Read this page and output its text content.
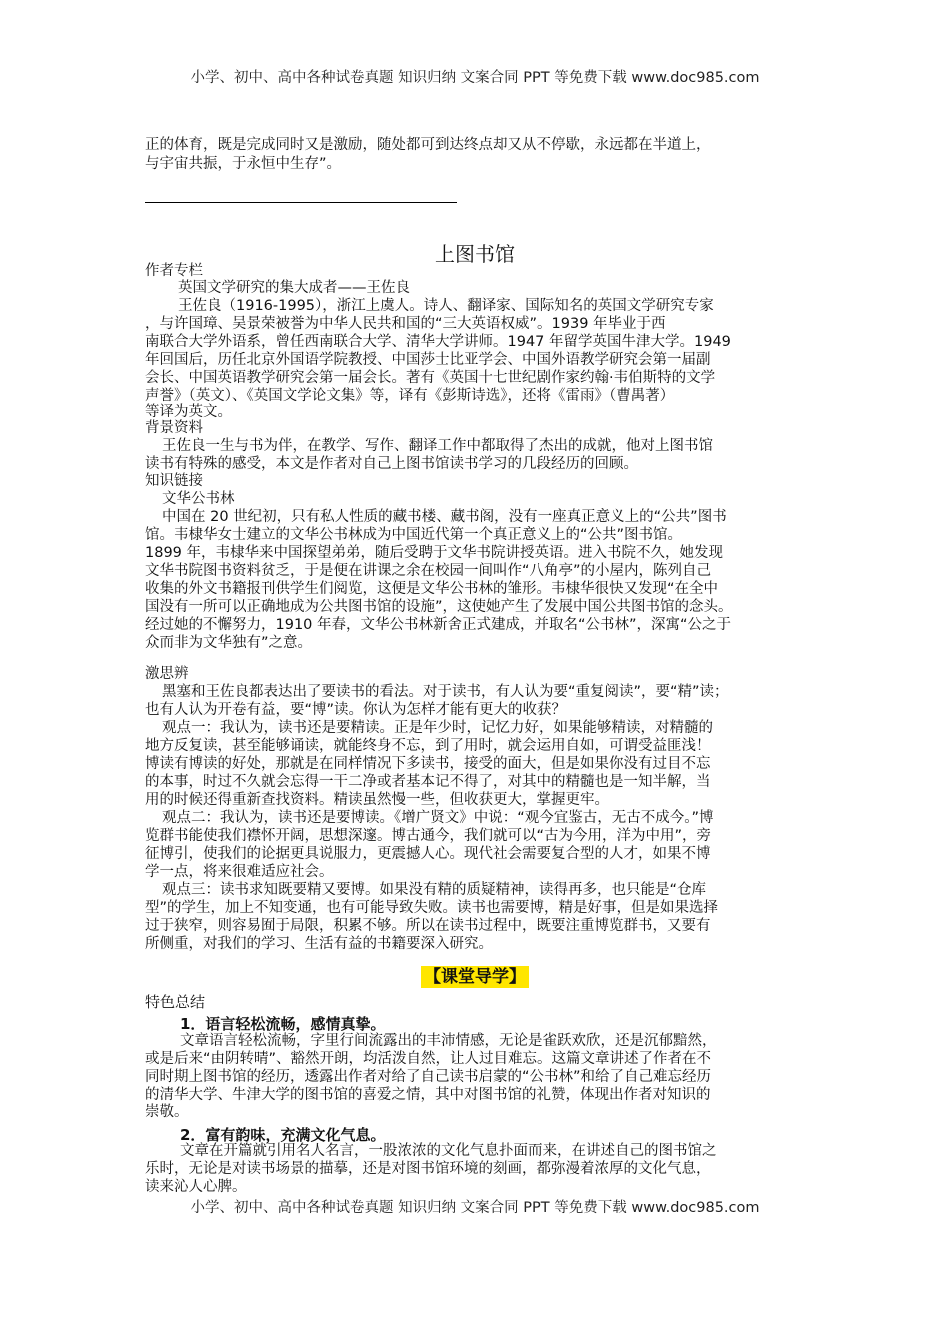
小学、初中、高中各种试卷真题 知识归纳 文案合同 PPT 等免费下载 www.doc985.com
小学、初中、高中各种试卷真题 知识归纳 文案合同 PPT 等免费下载 www.doc985.com
正的体育，既是完成同时又是激励，随处都可到达终点却又从不停歇，永远都在半道上，
与宇宙共振，于永恒中生存”。
上图书馆
作者专栏
英国文学研究的集大成者——王佐良
王佐良（1916-1995），浙江上虞人。诗人、翻译家、国际知名的英国文学研究专家
，与许国璋、吴景荣被誉为中华人民共和国的“三大英语权威”。1939 年毕业于西
南联合大学外语系，曾任西南联合大学、清华大学讲师。1947 年留学英国牛津大学。1949
年回国后，历任北京外国语学院教授、中国莎士比亚学会、中国外语教学研究会第一届副
会长、中国英语教学研究会第一届会长。著有《英国十七世纪剧作家约翰·韦伯斯特的文学
声誉》（英文）、《英国文学论文集》等，译有《彭斯诗选》，还将《雷雨》（曹禺著）
等译为英文。
背景资料
王佐良一生与书为伴，在教学、写作、翻译工作中都取得了杰出的成就，他对上图书馆
读书有特殊的感受，本文是作者对自己上图书馆读书学习的几段经历的回顾。
知识链接
文华公书林
中国在 20 世纪初，只有私人性质的藏书楼、藏书阁，没有一座真正意义上的“公共”图书
馆。韦棣华女士建立的文华公书林成为中国近代第一个真正意义上的“公共”图书馆。
1899 年，韦棣华来中国探望弟弟，随后受聘于文华书院讲授英语。进入书院不久，她发现
文华书院图书资料贫乏，于是便在讲课之余在校园一间叫作“八角亭”的小屋内，陈列自己
收集的外文书籍报刊供学生们阅览，这便是文华公书林的雏形。韦棣华很快又发现“在全中
国没有一所可以正确地成为公共图书馆的设施”，这使她产生了发展中国公共图书馆的念头。
经过她的不懈努力，1910 年春，文华公书林新舍正式建成，并取名“公书林”，深寓“公之于
众而非为文华独有”之意。
激思辨
黑塞和王佐良都表达出了要读书的看法。对于读书，有人认为要“重复阅读”，要“精”读；
也有人认为开卷有益，要“博”读。你认为怎样才能有更大的收获？
观点一：我认为，读书还是要精读。正是年少时，记忆力好，如果能够精读，对精髓的
地方反复读，甚至能够诵读，就能终身不忘，到了用时，就会运用自如，可谓受益匪浅！
博读有博读的好处，那就是在同样情况下多读书，接受的面大，但是如果你没有过目不忘
的本事，时过不久就会忘得一干二净或者基本记不得了，对其中的精髓也是一知半解，当
用的时候还得重新查找资料。精读虽然慢一些，但收获更大，掌握更牢。
观点二：我认为，读书还是要博读。《增广贤文》中说：“观今宜鉴古，无古不成今。”博
览群书能使我们襟怀开阔，思想深邃。博古通今，我们就可以“古为今用，洋为中用”，旁
征博引，使我们的论据更具说服力，更震撼人心。现代社会需要复合型的人才，如果不博
学一点，将来很难适应社会。
观点三：读书求知既要精又要博。如果没有精的质疑精神，读得再多，也只能是“仓库
型”的学生，加上不知变通，也有可能导致失败。读书也需要博，精是好事，但是如果选择
过于狭窄，则容易囿于局限，积累不够。所以在读书过程中，既要注重博览群书，又要有
所侧重，对我们的学习、生活有益的书籍要深入研究。
【课堂导学】
特色总结
1．语言轻松流畅，感情真挚。
文章语言轻松流畅，字里行间流露出的丰沛情感，无论是雀跃欢欣，还是沉郁黯然，
或是后来“由阴转晴”、豁然开朗，均活泼自然，让人过目难忘。这篇文章讲述了作者在不
同时期上图书馆的经历，透露出作者对给了自己读书启蒙的“公书林”和给了自己难忘经历
的清华大学、牛津大学的图书馆的喜爱之情，其中对图书馆的礼赞，体现出作者对知识的
崇敬。
2．富有韵味，充满文化气息。
文章在开篇就引用名人名言，一股浓浓的文化气息扑面而来，在讲述自己的图书馆之
乐时，无论是对读书场景的描摹，还是对图书馆环境的刻画，都弥漫着浓厚的文化气息，
读来沁人心脾。
